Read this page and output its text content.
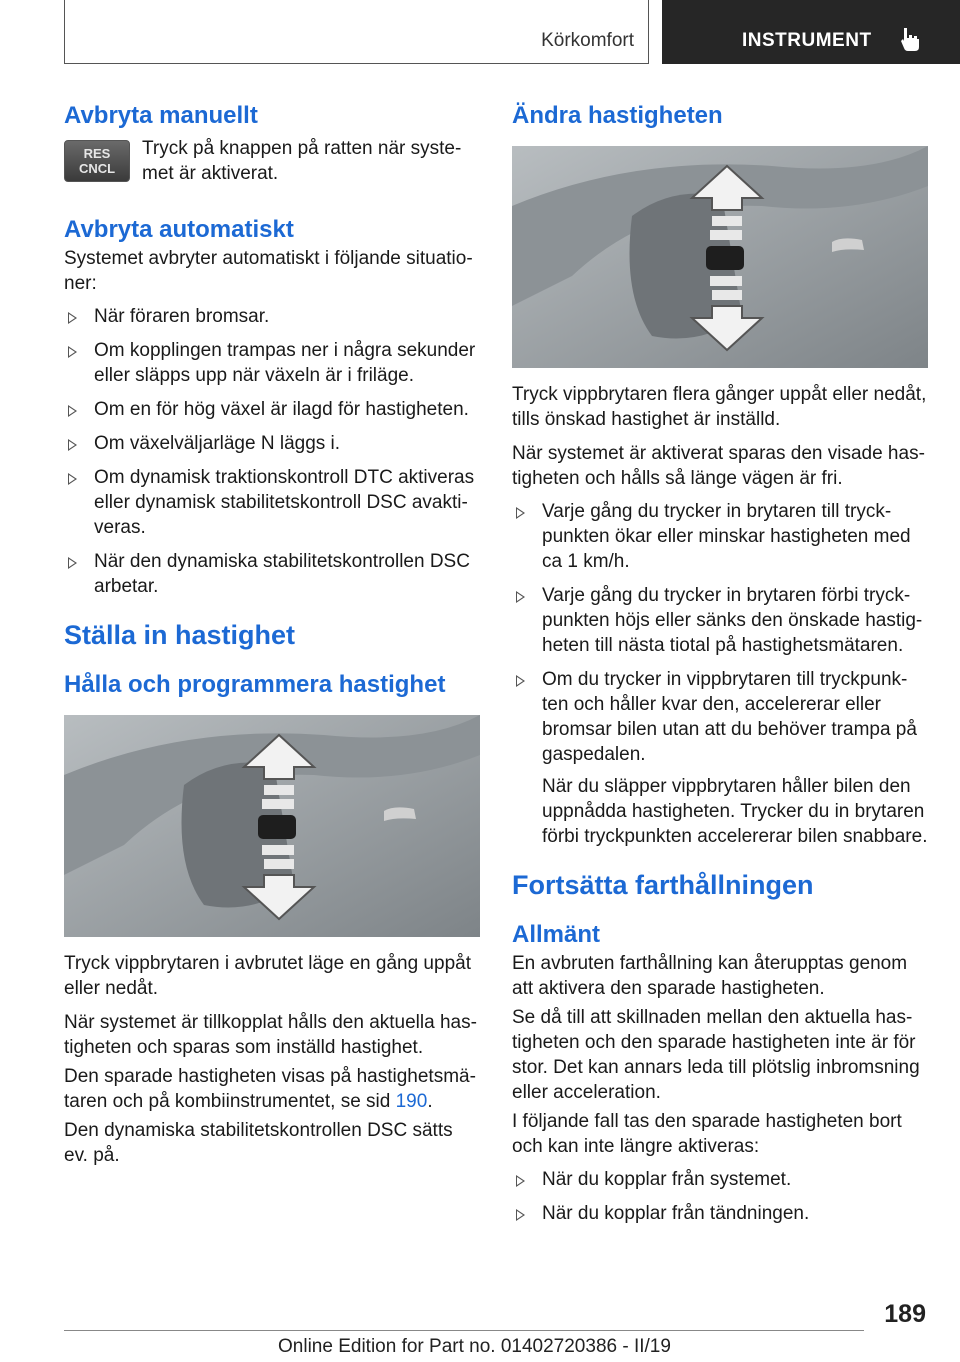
Körkomfort	INSTRUMENT
Avbryta manuellt
RES
CNCL

Tryck på knappen på ratten när syste-met är aktiverat.

Avbryta automatiskt

Systemet avbryter automatiskt i följande situatio-ner:

När föraren bromsar.
Om kopplingen trampas ner i några sekunder eller släpps upp när växeln är i friläge.
Om en för hög växel är ilagd för hastigheten.
Om växelväljarläge N läggs i.
Om dynamisk traktionskontroll DTC aktiveras eller dynamisk stabilitetskontroll DSC avakti-veras.
När den dynamiska stabilitetskontrollen DSC arbetar.
Ställa in hastighet
Hålla och programmera hastighet

Tryck vippbrytaren i avbrutet läge en gång uppåt eller nedåt.

När systemet är tillkopplat hålls den aktuella has-tigheten och sparas som inställd hastighet.

Den sparade hastigheten visas på hastighetsmä-taren och på kombiinstrumentet, se sid 190.

Den dynamiska stabilitetskontrollen DSC sätts ev. på.

Ändra hastigheten

Tryck vippbrytaren flera gånger uppåt eller nedåt, tills önskad hastighet är inställd.

När systemet är aktiverat sparas den visade has-tigheten och hålls så länge vägen är fri.

Varje gång du trycker in brytaren till tryck-punkten ökar eller minskar hastigheten med ca 1 km/h.
Varje gång du trycker in brytaren förbi tryck-punkten höjs eller sänks den önskade hastig-heten till nästa tiotal på hastighetsmätaren.
Om du trycker in vippbrytaren till tryckpunk-ten och håller kvar den, accelererar eller bromsar bilen utan att du behöver trampa på gaspedalen.

När du släpper vippbrytaren håller bilen den uppnådda hastigheten. Trycker du in brytaren förbi tryckpunkten accelererar bilen snabbare.

Fortsätta farthållningen
Allmänt

En avbruten farthållning kan återupptas genom att aktivera den sparade hastigheten.

Se då till att skillnaden mellan den aktuella has-tigheten och den sparade hastigheten inte är för stor. Det kan annars leda till plötslig inbromsning eller acceleration.

I följande fall tas den sparade hastigheten bort och kan inte längre aktiveras:

När du kopplar från systemet.
När du kopplar från tändningen.
189
Online Edition for Part no. 01402720386 - II/19
